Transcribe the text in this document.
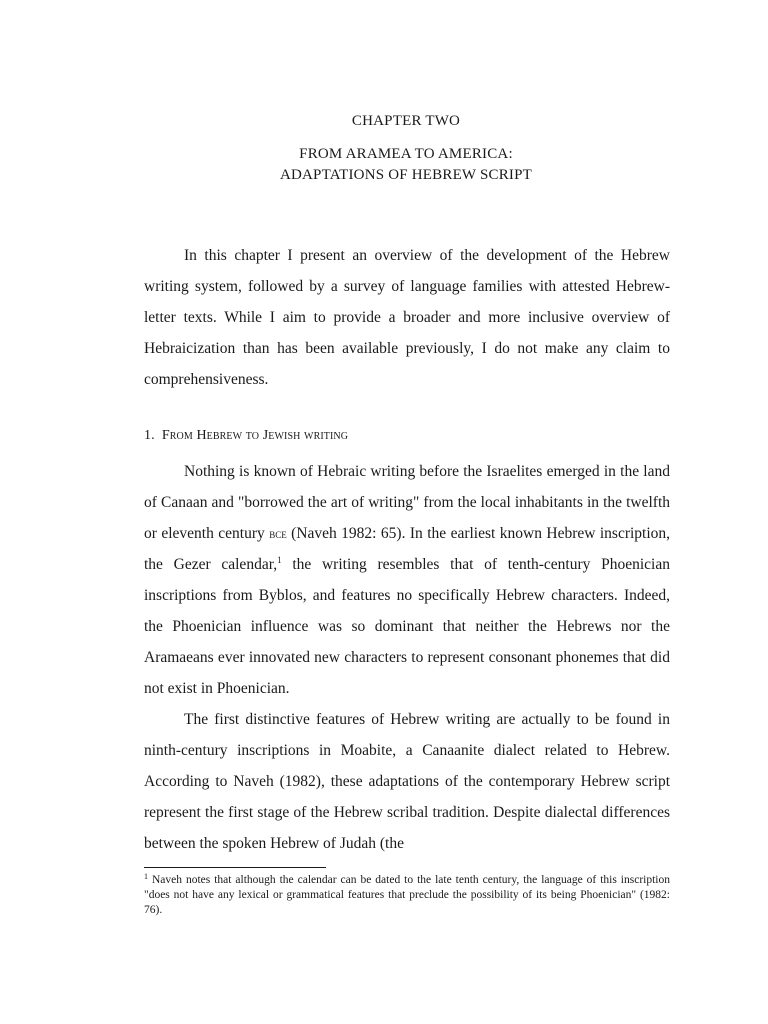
CHAPTER TWO
FROM ARAMEA TO AMERICA:
ADAPTATIONS OF HEBREW SCRIPT

In this chapter I present an overview of the development of the Hebrew writing system, followed by a survey of language families with attested Hebrew-letter texts. While I aim to provide a broader and more inclusive overview of Hebraicization than has been available previously, I do not make any claim to comprehensiveness.

1. From Hebrew to Jewish writing

Nothing is known of Hebraic writing before the Israelites emerged in the land of Canaan and "borrowed the art of writing" from the local inhabitants in the twelfth or eleventh century bce (Naveh 1982: 65). In the earliest known Hebrew inscription, the Gezer calendar,$^1$ the writing resembles that of tenth-century Phoenician inscriptions from Byblos, and features no specifically Hebrew characters. Indeed, the Phoenician influence was so dominant that neither the Hebrews nor the Aramaeans ever innovated new characters to represent consonant phonemes that did not exist in Phoenician.

The first distinctive features of Hebrew writing are actually to be found in ninth-century inscriptions in Moabite, a Canaanite dialect related to Hebrew. According to Naveh (1982), these adaptations of the contemporary Hebrew script represent the first stage of the Hebrew scribal tradition. Despite dialectal differences between the spoken Hebrew of Judah (the

$^1$ Naveh notes that although the calendar can be dated to the late tenth century, the language of this inscription "does not have any lexical or grammatical features that preclude the possibility of its being Phoenician" (1982: 76).
